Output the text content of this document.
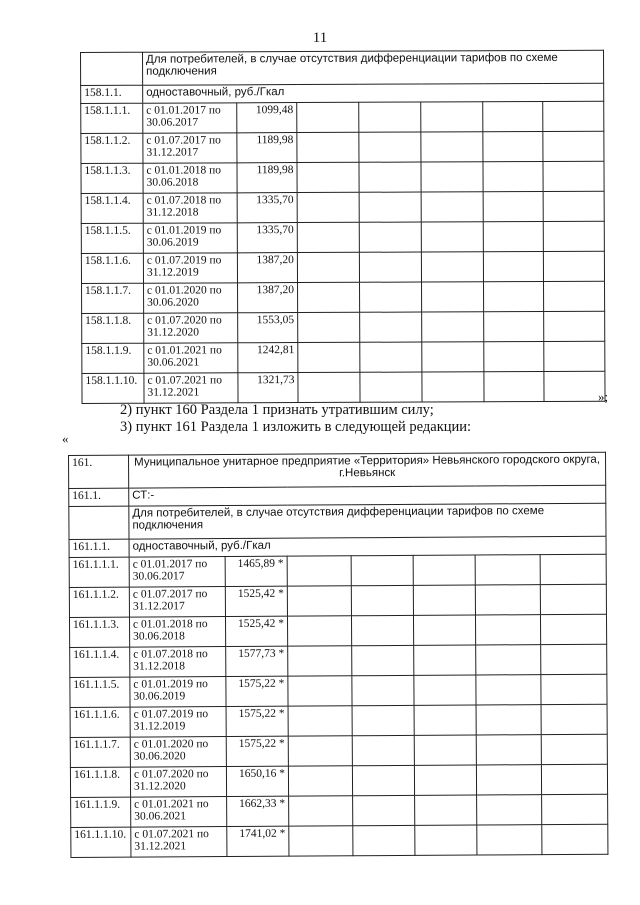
11
	Для потребителей, в случае отсутствия дифференциации тарифов по схеме подключения						
158.1.1.	одноставочный, руб./Гкал						
158.1.1.1.	с 01.01.2017 по 30.06.2017	1099,48					
158.1.1.2.	с 01.07.2017 по 31.12.2017	1189,98					
158.1.1.3.	с 01.01.2018 по 30.06.2018	1189,98					
158.1.1.4.	с 01.07.2018 по 31.12.2018	1335,70					
158.1.1.5.	с 01.01.2019 по 30.06.2019	1335,70					
158.1.1.6.	с 01.07.2019 по 31.12.2019	1387,20					
158.1.1.7.	с 01.01.2020 по 30.06.2020	1387,20					
158.1.1.8.	с 01.07.2020 по 31.12.2020	1553,05					
158.1.1.9.	с 01.01.2021 по 30.06.2021	1242,81					
158.1.1.10.	с 01.07.2021 по 31.12.2021	1321,73					
»;
2) пункт 160 Раздела 1 признать утратившим силу;
3) пункт 161 Раздела 1 изложить в следующей редакции:
«
161.	Муниципальное унитарное предприятие «Территория» Невьянского городского округа, г.Невьянск						
161.1.	СТ:-						
	Для потребителей, в случае отсутствия дифференциации тарифов по схеме подключения						
161.1.1.	одноставочный, руб./Гкал						
161.1.1.1.	с 01.01.2017 по 30.06.2017	1465,89 *					
161.1.1.2.	с 01.07.2017 по 31.12.2017	1525,42 *					
161.1.1.3.	с 01.01.2018 по 30.06.2018	1525,42 *					
161.1.1.4.	с 01.07.2018 по 31.12.2018	1577,73 *					
161.1.1.5.	с 01.01.2019 по 30.06.2019	1575,22 *					
161.1.1.6.	с 01.07.2019 по 31.12.2019	1575,22 *					
161.1.1.7.	с 01.01.2020 по 30.06.2020	1575,22 *					
161.1.1.8.	с 01.07.2020 по 31.12.2020	1650,16 *					
161.1.1.9.	с 01.01.2021 по 30.06.2021	1662,33 *					
161.1.1.10.	с 01.07.2021 по 31.12.2021	1741,02 *					
